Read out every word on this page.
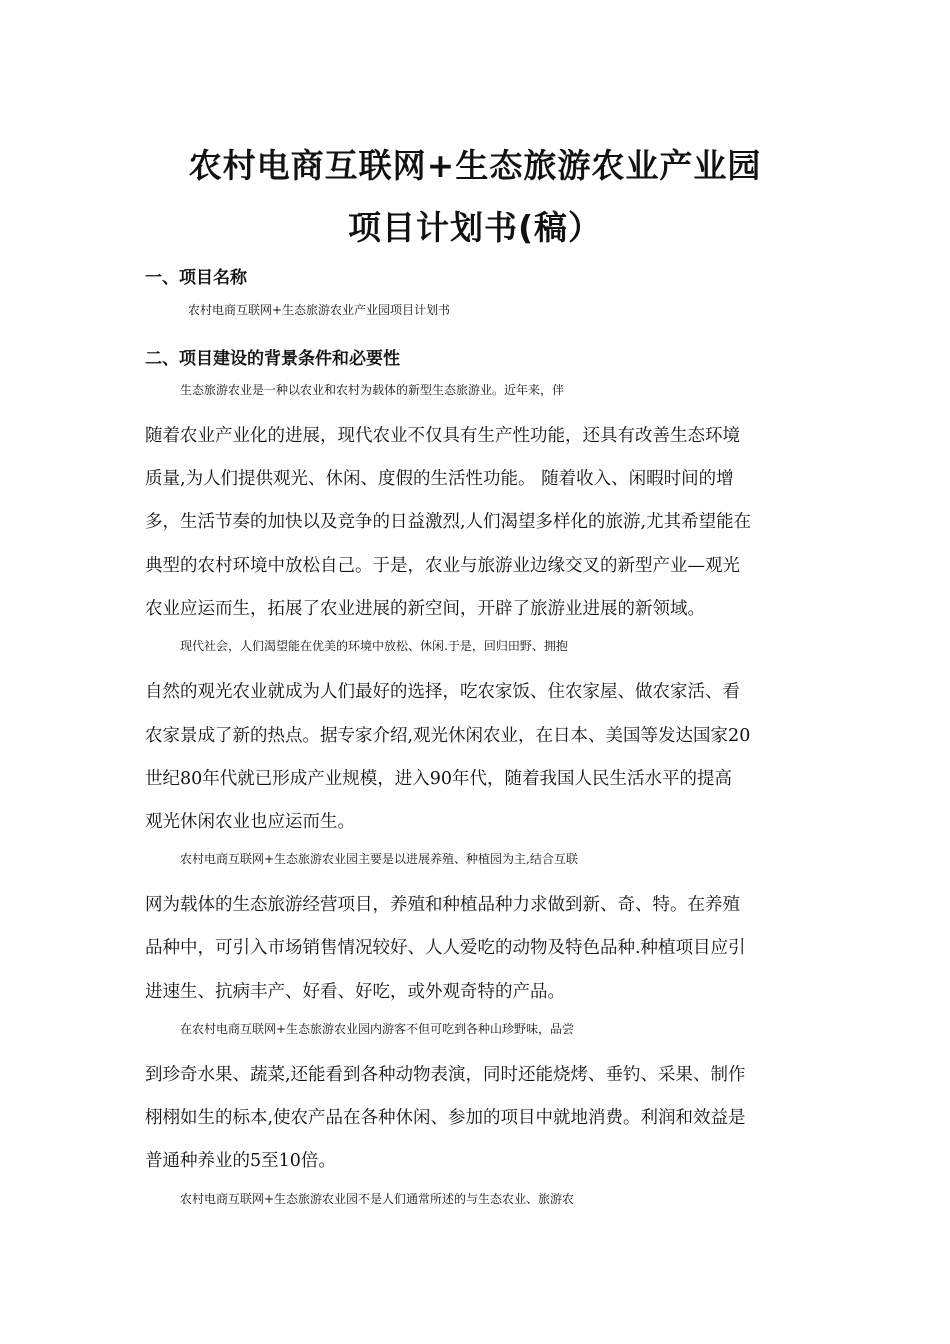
农村电商互联网+生态旅游农业产业园
项目计划书(稿）
一、项目名称

农村电商互联网+生态旅游农业产业园项目计划书

二、项目建设的背景条件和必要性

生态旅游农业是一种以农业和农村为载体的新型生态旅游业。近年来，伴

随着农业产业化的进展，现代农业不仅具有生产性功能，还具有改善生态环境

质量,为人们提供观光、休闲、度假的生活性功能。 随着收入、闲暇时间的增

多，生活节奏的加快以及竞争的日益激烈,人们渴望多样化的旅游,尤其希望能在

典型的农村环境中放松自己。于是，农业与旅游业边缘交叉的新型产业—观光

农业应运而生，拓展了农业进展的新空间，开辟了旅游业进展的新领域。

现代社会，人们渴望能在优美的环境中放松、休闲.于是，回归田野、拥抱

自然的观光农业就成为人们最好的选择，吃农家饭、住农家屋、做农家活、看

农家景成了新的热点。据专家介绍,观光休闲农业，在日本、美国等发达国家20

世纪80年代就已形成产业规模，进入90年代，随着我国人民生活水平的提高

观光休闲农业也应运而生。

农村电商互联网+生态旅游农业园主要是以进展养殖、种植园为主,结合互联

网为载体的生态旅游经营项目，养殖和种植品种力求做到新、奇、特。在养殖

品种中，可引入市场销售情况较好、人人爱吃的动物及特色品种.种植项目应引

进速生、抗病丰产、好看、好吃，或外观奇特的产品。

在农村电商互联网+生态旅游农业园内游客不但可吃到各种山珍野味，品尝

到珍奇水果、蔬菜,还能看到各种动物表演，同时还能烧烤、垂钓、采果、制作

栩栩如生的标本,使农产品在各种休闲、参加的项目中就地消费。利润和效益是

普通种养业的5至10倍。

农村电商互联网+生态旅游农业园不是人们通常所述的与生态农业、旅游农
